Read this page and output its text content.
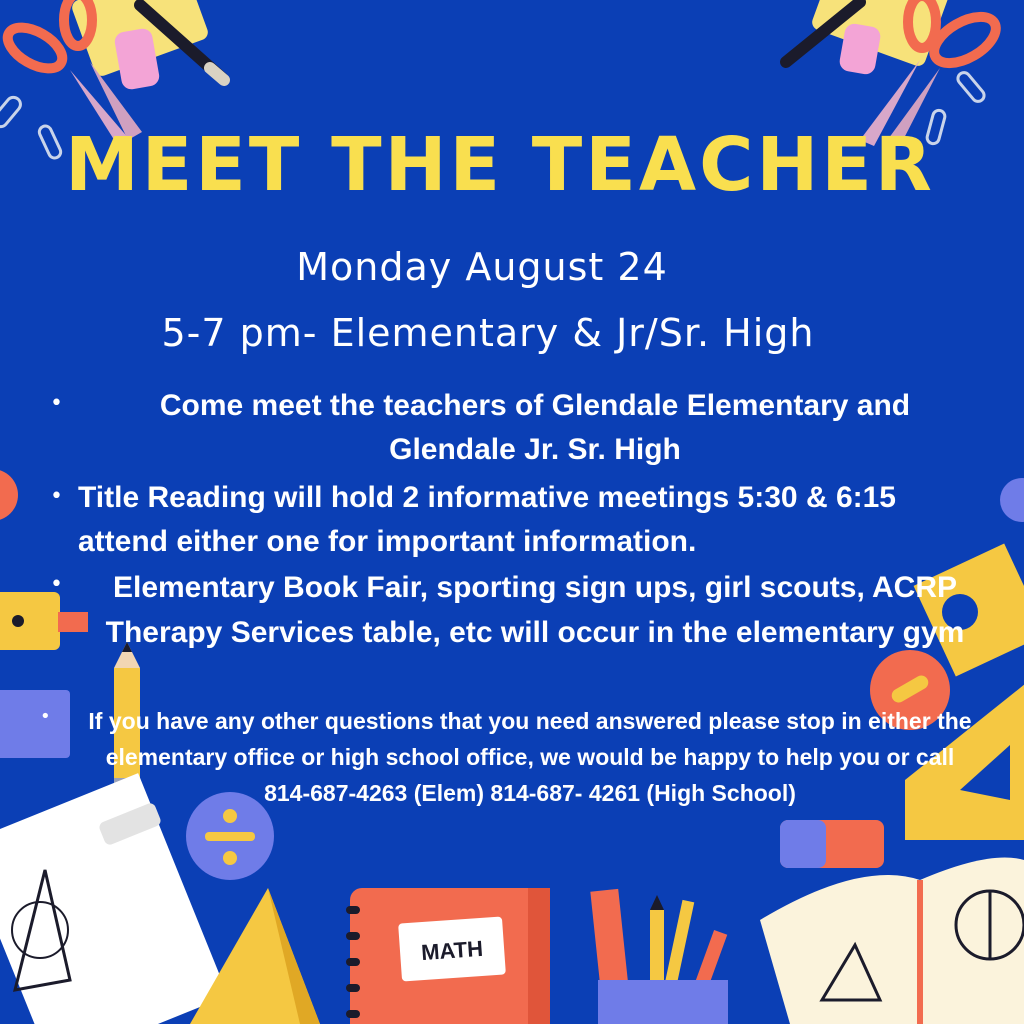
MATH
MEET THE TEACHER
Monday August 24
5-7 pm- Elementary & Jr/Sr. High
•	Come meet the teachers of Glendale Elementary and Glendale Jr. Sr. High
• Title Reading will hold 2 informative meetings 5:30 & 6:15 attend either one for important information.
•	Elementary Book Fair, sporting sign ups, girl scouts, ACRP Therapy Services table, etc will occur in the elementary gym
•	If you have any other questions that you need answered please stop in either the elementary office or high school office, we would be happy to help you or call
814-687-4263 (Elem) 814-687- 4261 (High School)
